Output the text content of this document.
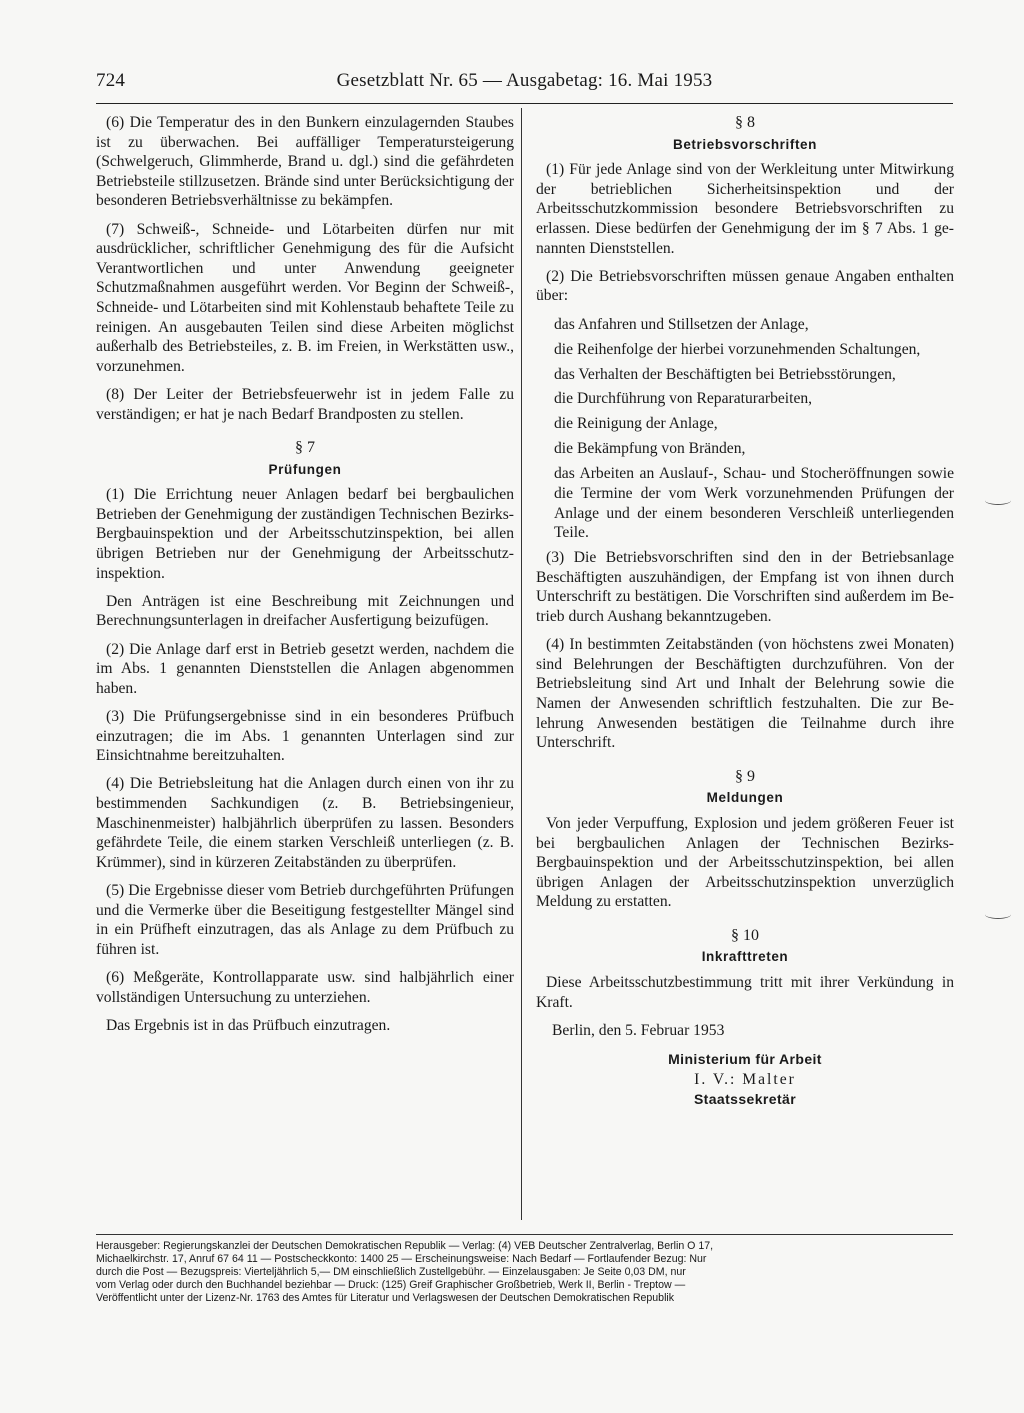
724	Gesetzblatt Nr. 65 — Ausgabetag: 16. Mai 1953

(6) Die Temperatur des in den Bunkern einzulagernden Staubes ist zu überwachen. Bei auffälliger Temperatursteigerung (Schwelgeruch, Glimmherde, Brand u. dgl.) sind die gefährdeten Betriebsteile stillzusetzen. Brände sind unter Berücksichtigung der besonderen Betriebsverhältnisse zu bekämpfen.

(7) Schweiß-, Schneide- und Lötarbeiten dürfen nur mit ausdrücklicher, schriftlicher Genehmigung des für die Aufsicht Verantwortlichen und unter Anwendung geeigneter Schutzmaßnahmen ausgeführt werden. Vor Beginn der Schweiß-, Schneide- und Lötarbeiten sind mit Kohlenstaub behaftete Teile zu reinigen. An ausgebauten Teilen sind diese Arbeiten möglichst außerhalb des Betriebsteiles, z. B. im Freien, in Werkstätten usw., vorzunehmen.

(8) Der Leiter der Betriebsfeuerwehr ist in jedem Falle zu verständigen; er hat je nach Bedarf Brandposten zu stellen.

§ 7

Prüfungen

(1) Die Errichtung neuer Anlagen bedarf bei bergbaulichen Betrieben der Genehmigung der zuständigen Technischen Bezirks-Bergbauinspektion und der Arbeitsschutzinspektion, bei allen übrigen Betrieben nur der Genehmigung der Arbeitsschutzinspektion.

Den Anträgen ist eine Beschreibung mit Zeichnungen und Berechnungsunterlagen in dreifacher Ausfertigung beizufügen.

(2) Die Anlage darf erst in Betrieb gesetzt werden, nachdem die im Abs. 1 genannten Dienststellen die Anlagen abgenommen haben.

(3) Die Prüfungsergebnisse sind in ein besonderes Prüfbuch einzutragen; die im Abs. 1 genannten Unterlagen sind zur Einsichtnahme bereitzuhalten.

(4) Die Betriebsleitung hat die Anlagen durch einen von ihr zu bestimmenden Sachkundigen (z. B. Betriebsingenieur, Maschinenmeister) halbjährlich überprüfen zu lassen. Besonders gefährdete Teile, die einem starken Verschleiß unterliegen (z. B. Krümmer), sind in kürzeren Zeitabständen zu überprüfen.

(5) Die Ergebnisse dieser vom Betrieb durchgeführten Prüfungen und die Vermerke über die Beseitigung festgestellter Mängel sind in ein Prüfheft einzutragen, das als Anlage zu dem Prüfbuch zu führen ist.

(6) Meßgeräte, Kontrollapparate usw. sind halbjährlich einer vollständigen Untersuchung zu unterziehen.

Das Ergebnis ist in das Prüfbuch einzutragen.

§ 8

Betriebsvorschriften

(1) Für jede Anlage sind von der Werkleitung unter Mitwirkung der betrieblichen Sicherheitsinspektion und der Arbeitsschutzkommission besondere Betriebsvorschriften zu erlassen. Diese bedürfen der Genehmigung der im § 7 Abs. 1 genannten Dienststellen.

(2) Die Betriebsvorschriften müssen genaue Angaben enthalten über:

das Anfahren und Stillsetzen der Anlage,

die Reihenfolge der hierbei vorzunehmenden Schaltungen,

das Verhalten der Beschäftigten bei Betriebsstörungen,

die Durchführung von Reparaturarbeiten,

die Reinigung der Anlage,

die Bekämpfung von Bränden,

das Arbeiten an Auslauf-, Schau- und Stocheröffnungen sowie die Termine der vom Werk vorzunehmenden Prüfungen der Anlage und der einem besonderen Verschleiß unterliegenden Teile.

(3) Die Betriebsvorschriften sind den in der Betriebsanlage Beschäftigten auszuhändigen, der Empfang ist von ihnen durch Unterschrift zu bestätigen. Die Vorschriften sind außerdem im Betrieb durch Aushang bekanntzugeben.

(4) In bestimmten Zeitabständen (von höchstens zwei Monaten) sind Belehrungen der Beschäftigten durchzuführen. Von der Betriebsleitung sind Art und Inhalt der Belehrung sowie die Namen der Anwesenden schriftlich festzuhalten. Die zur Belehrung Anwesenden bestätigen die Teilnahme durch ihre Unterschrift.

§ 9

Meldungen

Von jeder Verpuffung, Explosion und jedem größeren Feuer ist bei bergbaulichen Anlagen der Technischen Bezirks-Bergbauinspektion und der Arbeitsschutzinspektion, bei allen übrigen Anlagen der Arbeitsschutzinspektion unverzüglich Meldung zu erstatten.

§ 10

Inkrafttreten

Diese Arbeitsschutzbestimmung tritt mit ihrer Verkündung in Kraft.

Berlin, den 5. Februar 1953

Ministerium für Arbeit

I. V.: Malter

Staatssekretär

Herausgeber: Regierungskanzlei der Deutschen Demokratischen Republik — Verlag: (4) VEB Deutscher Zentralverlag, Berlin O 17,
Michaelkirchstr. 17, Anruf 67 64 11 — Postscheckkonto: 1400 25 — Erscheinungsweise: Nach Bedarf — Fortlaufender Bezug: Nur
durch die Post — Bezugspreis: Vierteljährlich 5,— DM einschließlich Zustellgebühr. — Einzelausgaben: Je Seite 0,03 DM, nur
vom Verlag oder durch den Buchhandel beziehbar — Druck: (125) Greif Graphischer Großbetrieb, Werk II, Berlin - Treptow —
Veröffentlicht unter der Lizenz-Nr. 1763 des Amtes für Literatur und Verlagswesen der Deutschen Demokratischen Republik
